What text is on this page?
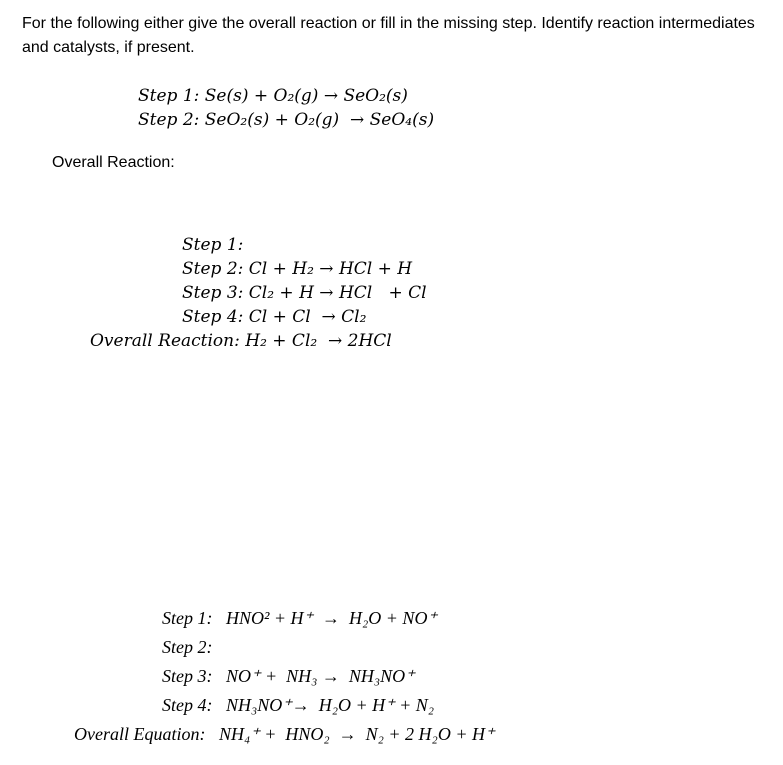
For the following either give the overall reaction or fill in the missing step. Identify reaction intermediates and catalysts, if present.
Step 1: Se(s) + O₂(g) → SeO₂(s)
Step 2: SeO₂(s) + O₂(g)  → SeO₄(s)
Overall Reaction:
Step 1:
Step 2: Cl + H₂ → HCl + H
Step 3: Cl₂ + H → HCl   + Cl
Step 4: Cl + Cl  → Cl₂
Overall Reaction: H₂ + Cl₂  → 2HCl
Step 1:   HNO² + H⁺  →  H₂O + NO⁺
Step 2:
Step 3:   NO⁺ +  NH₃ →  NH₃NO⁺
Step 4:   NH₃NO⁺→  H₂O + H⁺ + N₂
Overall Equation:   NH₄⁺ +  HNO₂  →  N₂ + 2 H₂O + H⁺
